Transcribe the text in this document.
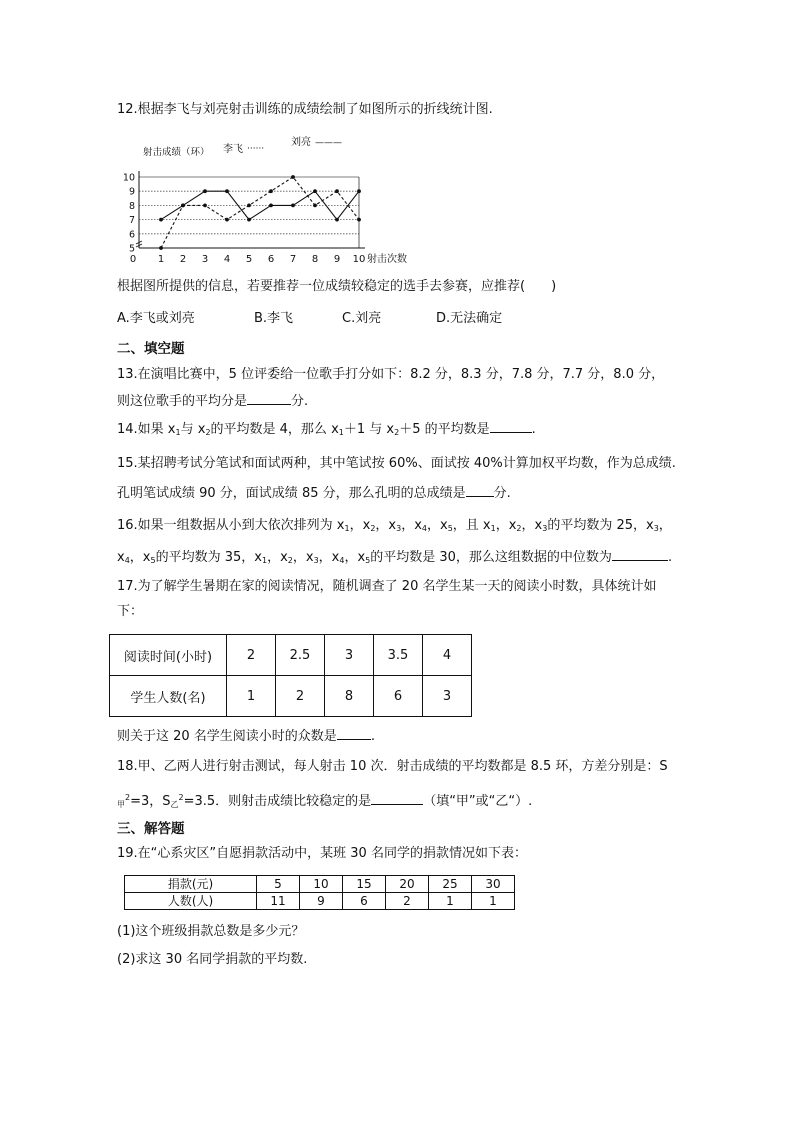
12.根据李飞与刘亮射击训练的成绩绘制了如图所示的折线统计图.
5
6
7
8
9
10
0 1 2 3 4 5 6 7 8 9 10
射击成绩（环）
射击次数
李飞 ······
刘亮 ———
根据图所提供的信息，若要推荐一位成绩较稳定的选手去参赛，应推荐(　　)
A.李飞或刘亮	B.李飞	C.刘亮	D.无法确定
二、填空题
13.在演唱比赛中，5 位评委给一位歌手打分如下：8.2 分，8.3 分，7.8 分，7.7 分，8.0 分，
则这位歌手的平均分是	分.
14.如果 $x_1$与 $x_2$的平均数是 4，那么 $x_1+1$ 与 $x_2+5$ 的平均数是	.
15.某招聘考试分笔试和面试两种，其中笔试按 60%、面试按 40%计算加权平均数，作为总成绩.
孔明笔试成绩 90 分，面试成绩 85 分，那么孔明的总成绩是 分.
16.如果一组数据从小到大依次排列为 $x_1$，$x_2$，$x_3$，$x_4$，$x_5$，且 $x_1$，$x_2$，$x_3$的平均数为 25，$x_3$，
$x_4$，$x_5$的平均数为 35，$x_1$，$x_2$，$x_3$，$x_4$，$x_5$的平均数是 30，那么这组数据的中位数为	.
17.为了解学生暑期在家的阅读情况，随机调查了 20 名学生某一天的阅读小时数，具体统计如
下：
阅读时间(小时)	2	2.5	3	3.5	4
学生人数(名)	1	2	8	6	3
则关于这 20 名学生阅读小时的众数是	.
18.甲、乙两人进行射击测试，每人射击 10 次．射击成绩的平均数都是 8.5 环，方差分别是：S
$_甲^2$=3，$S_乙^2=3.5$．则射击成绩比较稳定的是	（填“甲”或“乙“）.
三、解答题
19.在“心系灾区”自愿捐款活动中，某班 30 名同学的捐款情况如下表：
捐款(元)	5	10	15	20	25	30
人数(人)	11	9	6	2	1	1
(1)这个班级捐款总数是多少元？
(2)求这 30 名同学捐款的平均数.
